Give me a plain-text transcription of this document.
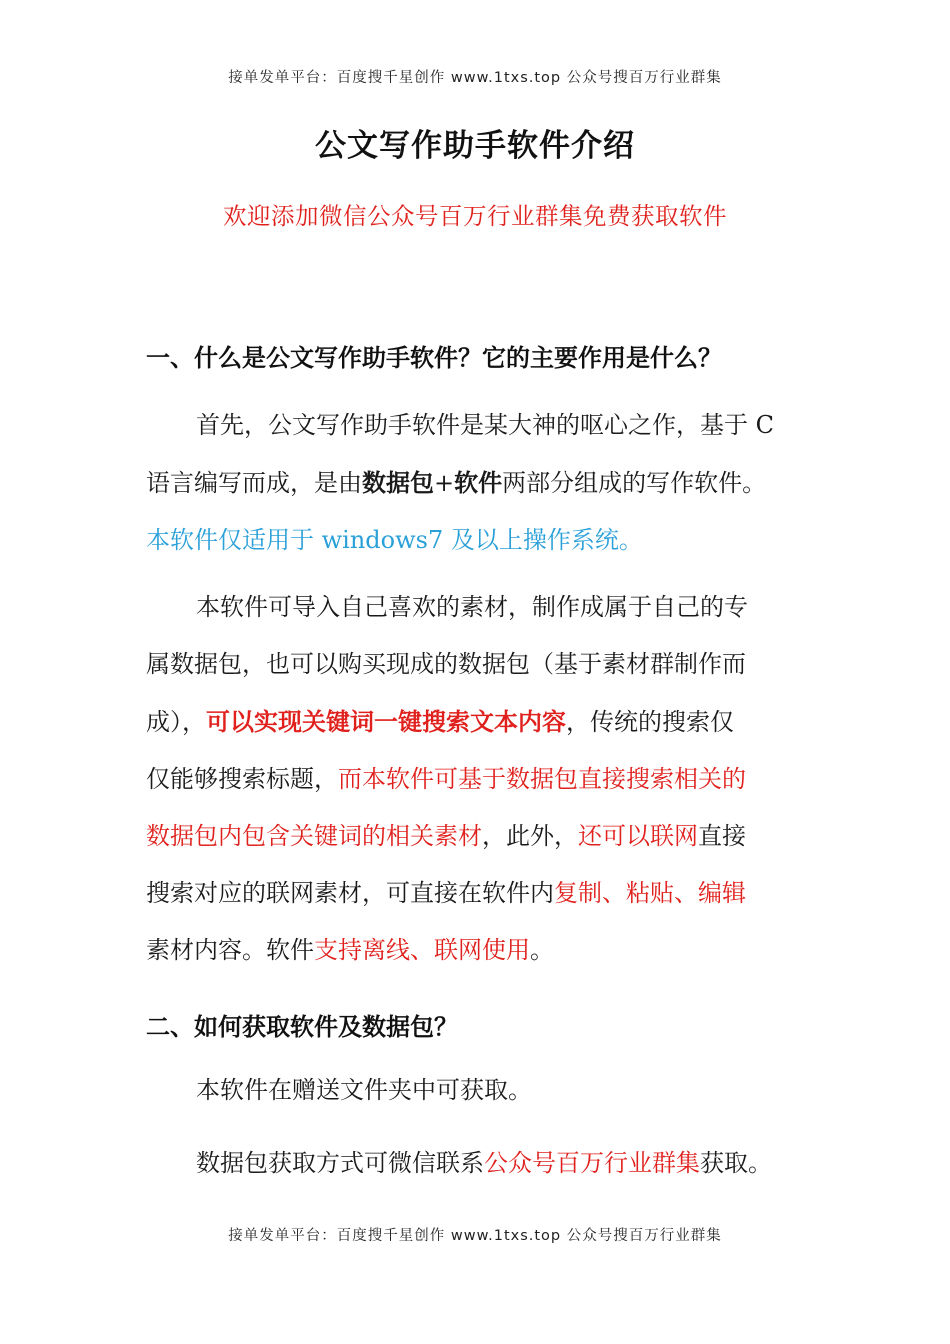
接单发单平台：百度搜千星创作 www.1txs.top 公众号搜百万行业群集
公文写作助手软件介绍
欢迎添加微信公众号百万行业群集免费获取软件
一、什么是公文写作助手软件？它的主要作用是什么？
首先，公文写作助手软件是某大神的呕心之作，基于 C
语言编写而成，是由数据包+软件两部分组成的写作软件。
本软件仅适用于 windows7 及以上操作系统。
本软件可导入自己喜欢的素材，制作成属于自己的专
属数据包，也可以购买现成的数据包（基于素材群制作而
成），可以实现关键词一键搜索文本内容，传统的搜索仅
仅能够搜索标题，而本软件可基于数据包直接搜索相关的
数据包内包含关键词的相关素材，此外，还可以联网直接
搜索对应的联网素材，可直接在软件内复制、粘贴、编辑
素材内容。软件支持离线、联网使用。
二、如何获取软件及数据包？
本软件在赠送文件夹中可获取。
数据包获取方式可微信联系公众号百万行业群集获取。
接单发单平台：百度搜千星创作 www.1txs.top 公众号搜百万行业群集
